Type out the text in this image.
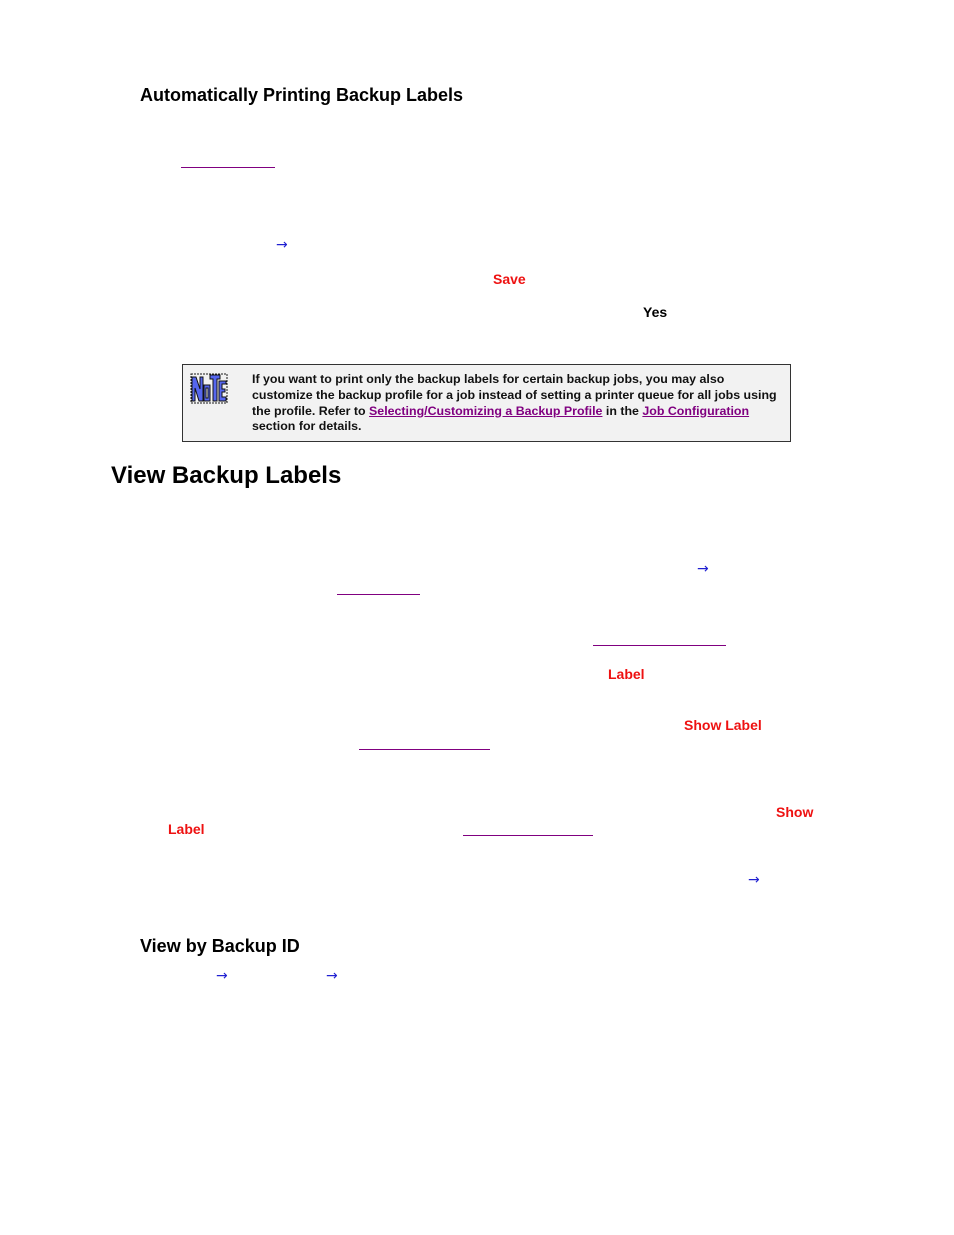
Automatically Printing Backup Labels
→
Save
Yes
If you want to print only the backup labels for certain backup jobs, you may also customize the backup profile for a job instead of setting a printer queue for all jobs using the profile. Refer to Selecting/Customizing a Backup Profile in the Job Configuration section for details.
View Backup Labels
→
Label
Show Label
Show
Label
→
View by Backup ID
→	→
